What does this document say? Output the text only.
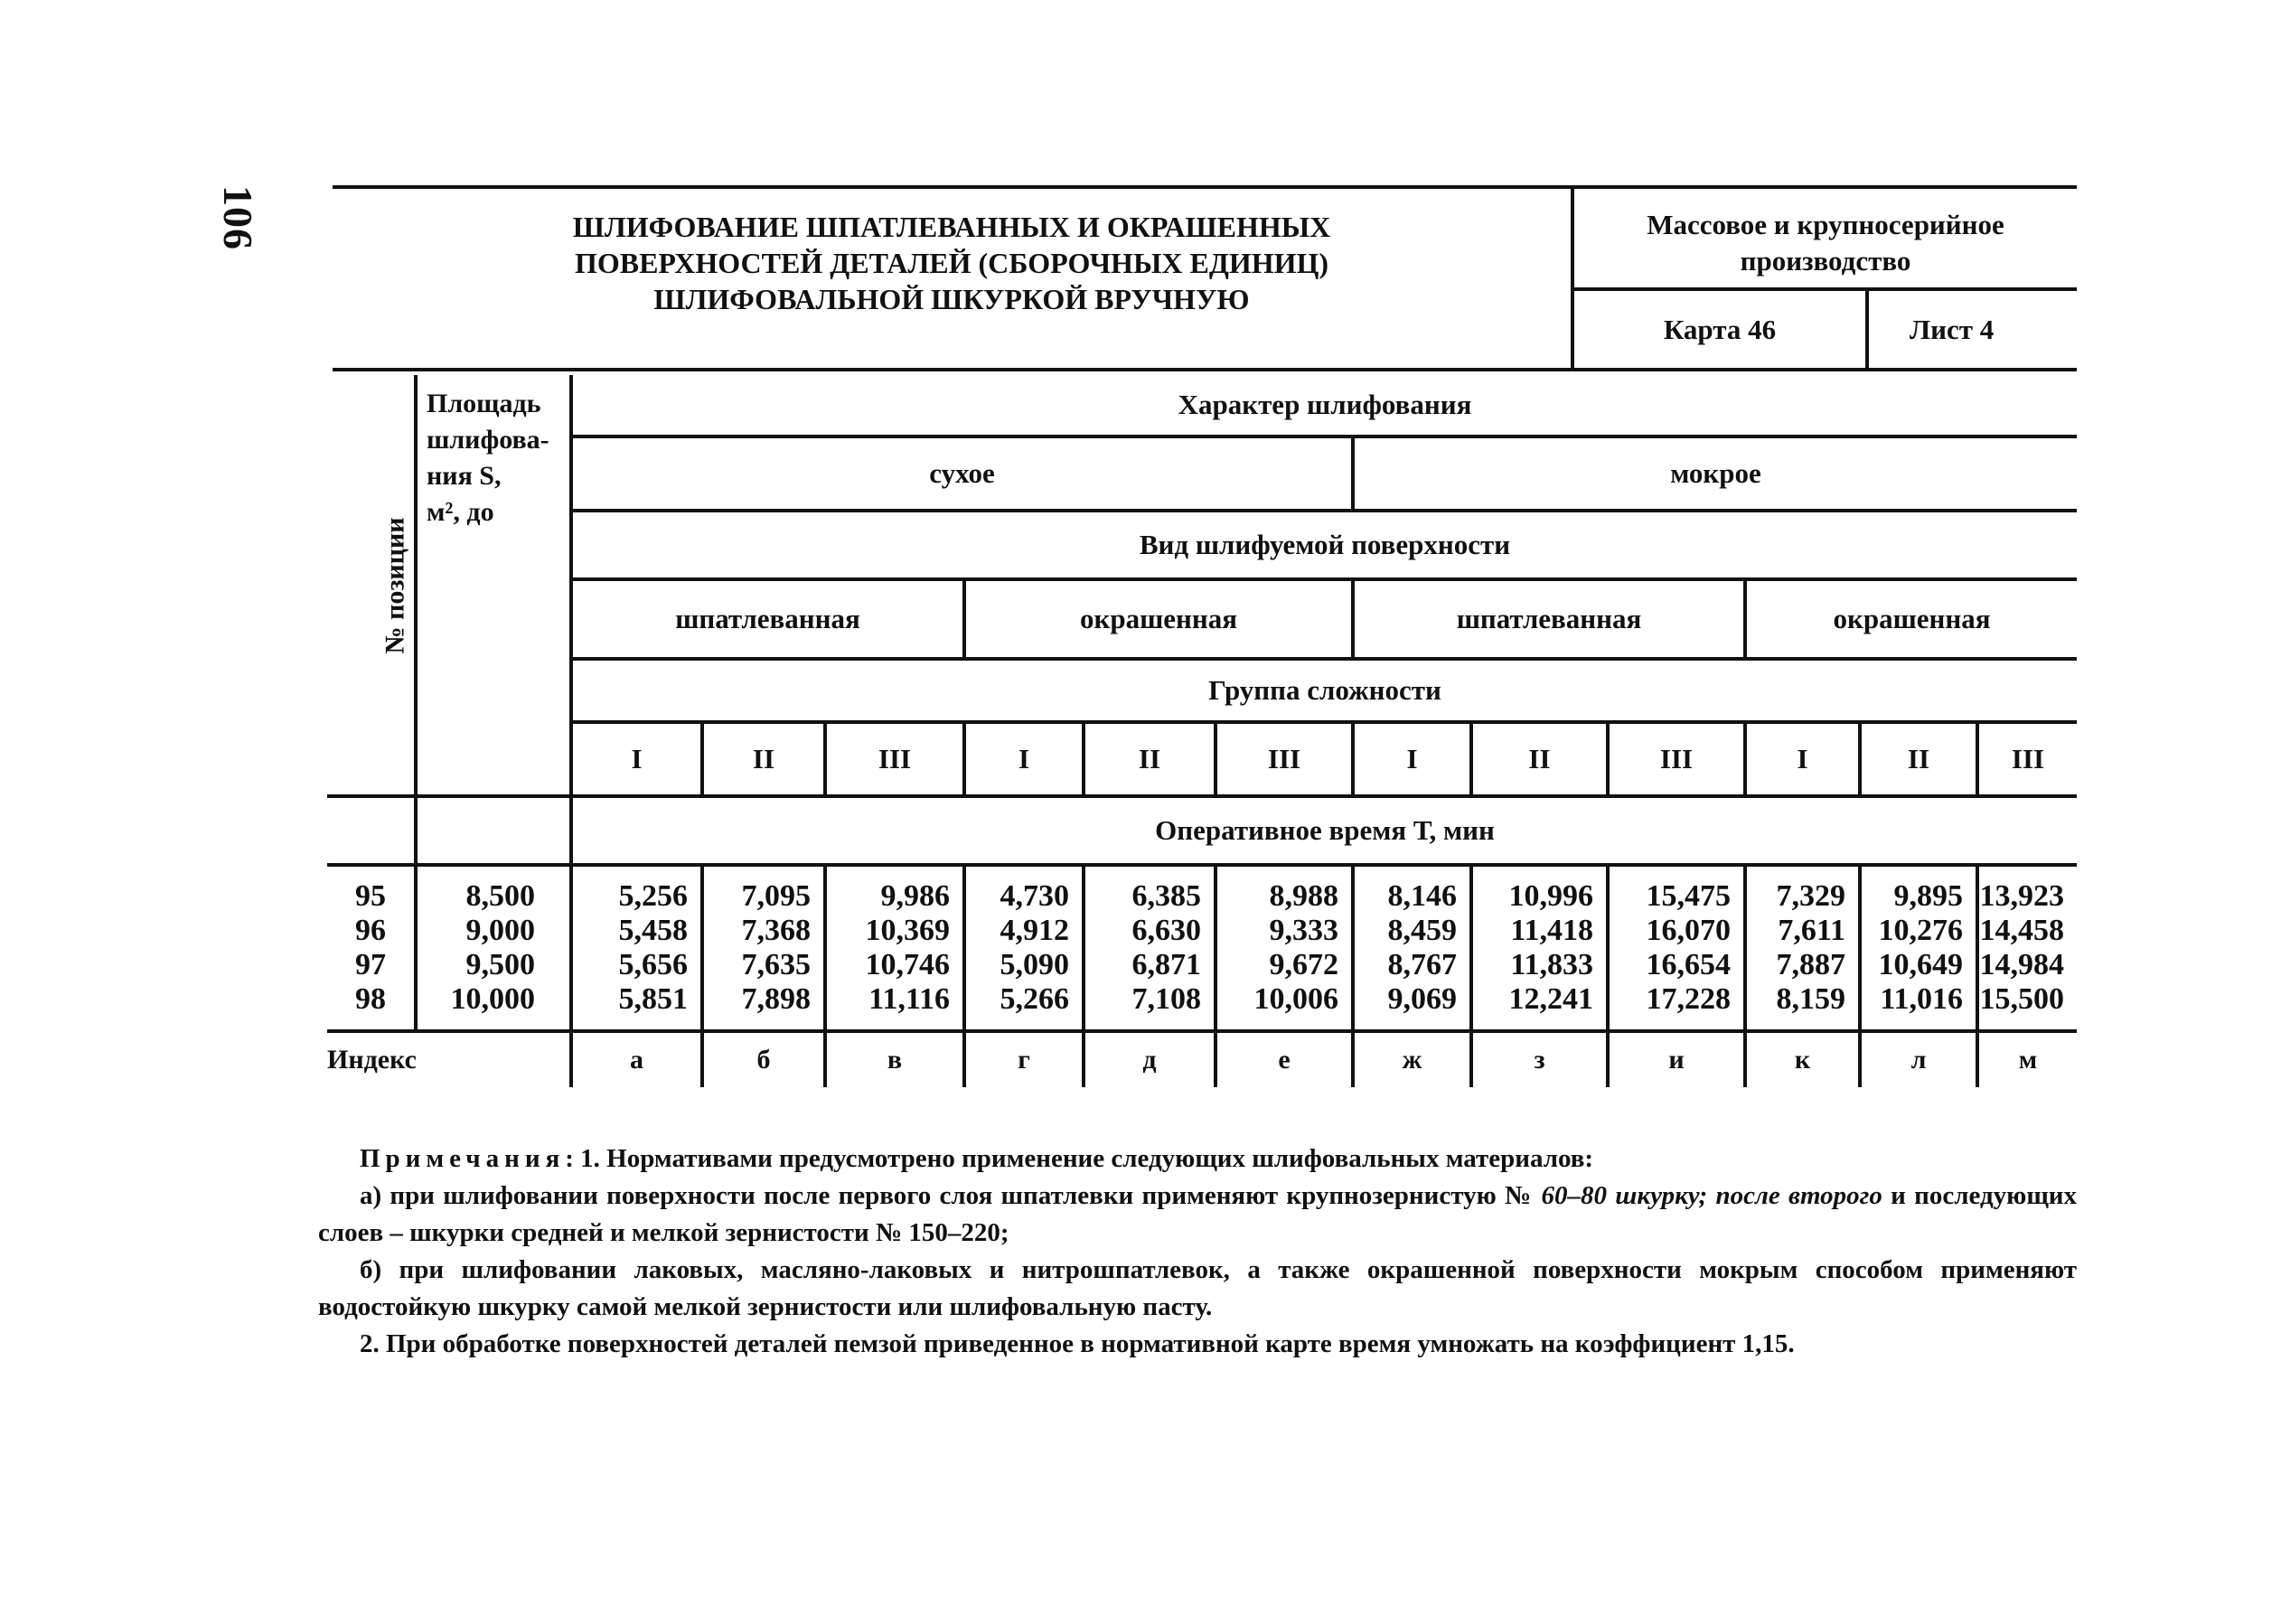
106	ШЛИФОВАНИЕ ШПАТЛЕВАННЫХ И ОКРАШЕННЫХ
ПОВЕРХНОСТЕЙ ДЕТАЛЕЙ (СБОРОЧНЫХ ЕДИНИЦ)
ШЛИФОВАЛЬНОЙ ШКУРКОЙ ВРУЧНУЮ
Массовое и крупносерийное
производство
Карта 46	Лист 4
№ позиции	Площадь
шлифова-
ния S,
м², до	Характер шлифования											
		сухое						мокрое					
		Вид шлифуемой поверхности											
		шпатлеванная			окрашенная			шпатлеванная			окрашенная		
		Группа сложности											
		I	II	III	I	II	III	I	II	III	I	II	III
		Оперативное время Т, мин											
95	8,500	5,256	7,095	9,986	4,730	6,385	8,988	8,146	10,996	15,475	7,329	9,895	13,923
96	9,000	5,458	7,368	10,369	4,912	6,630	9,333	8,459	11,418	16,070	7,611	10,276	14,458
97	9,500	5,656	7,635	10,746	5,090	6,871	9,672	8,767	11,833	16,654	7,887	10,649	14,984
98	10,000	5,851	7,898	11,116	5,266	7,108	10,006	9,069	12,241	17,228	8,159	11,016	15,500
Индекс		а	б	в	г	д	е	ж	з	и	к	л	м

Примечания: 1. Нормативами предусмотрено применение следующих шлифовальных материалов:

а) при шлифовании поверхности после первого слоя шпатлевки применяют крупнозернистую № 60–80 шкурку; после второго и последующих слоев – шкурки средней и мелкой зернистости № 150–220;

б) при шлифовании лаковых, масляно-лаковых и нитрошпатлевок, а также окрашенной поверхности мокрым способом применяют водостойкую шкурку самой мелкой зернистости или шлифовальную пасту.

2. При обработке поверхностей деталей пемзой приведенное в нормативной карте время умножать на коэффициент 1,15.
